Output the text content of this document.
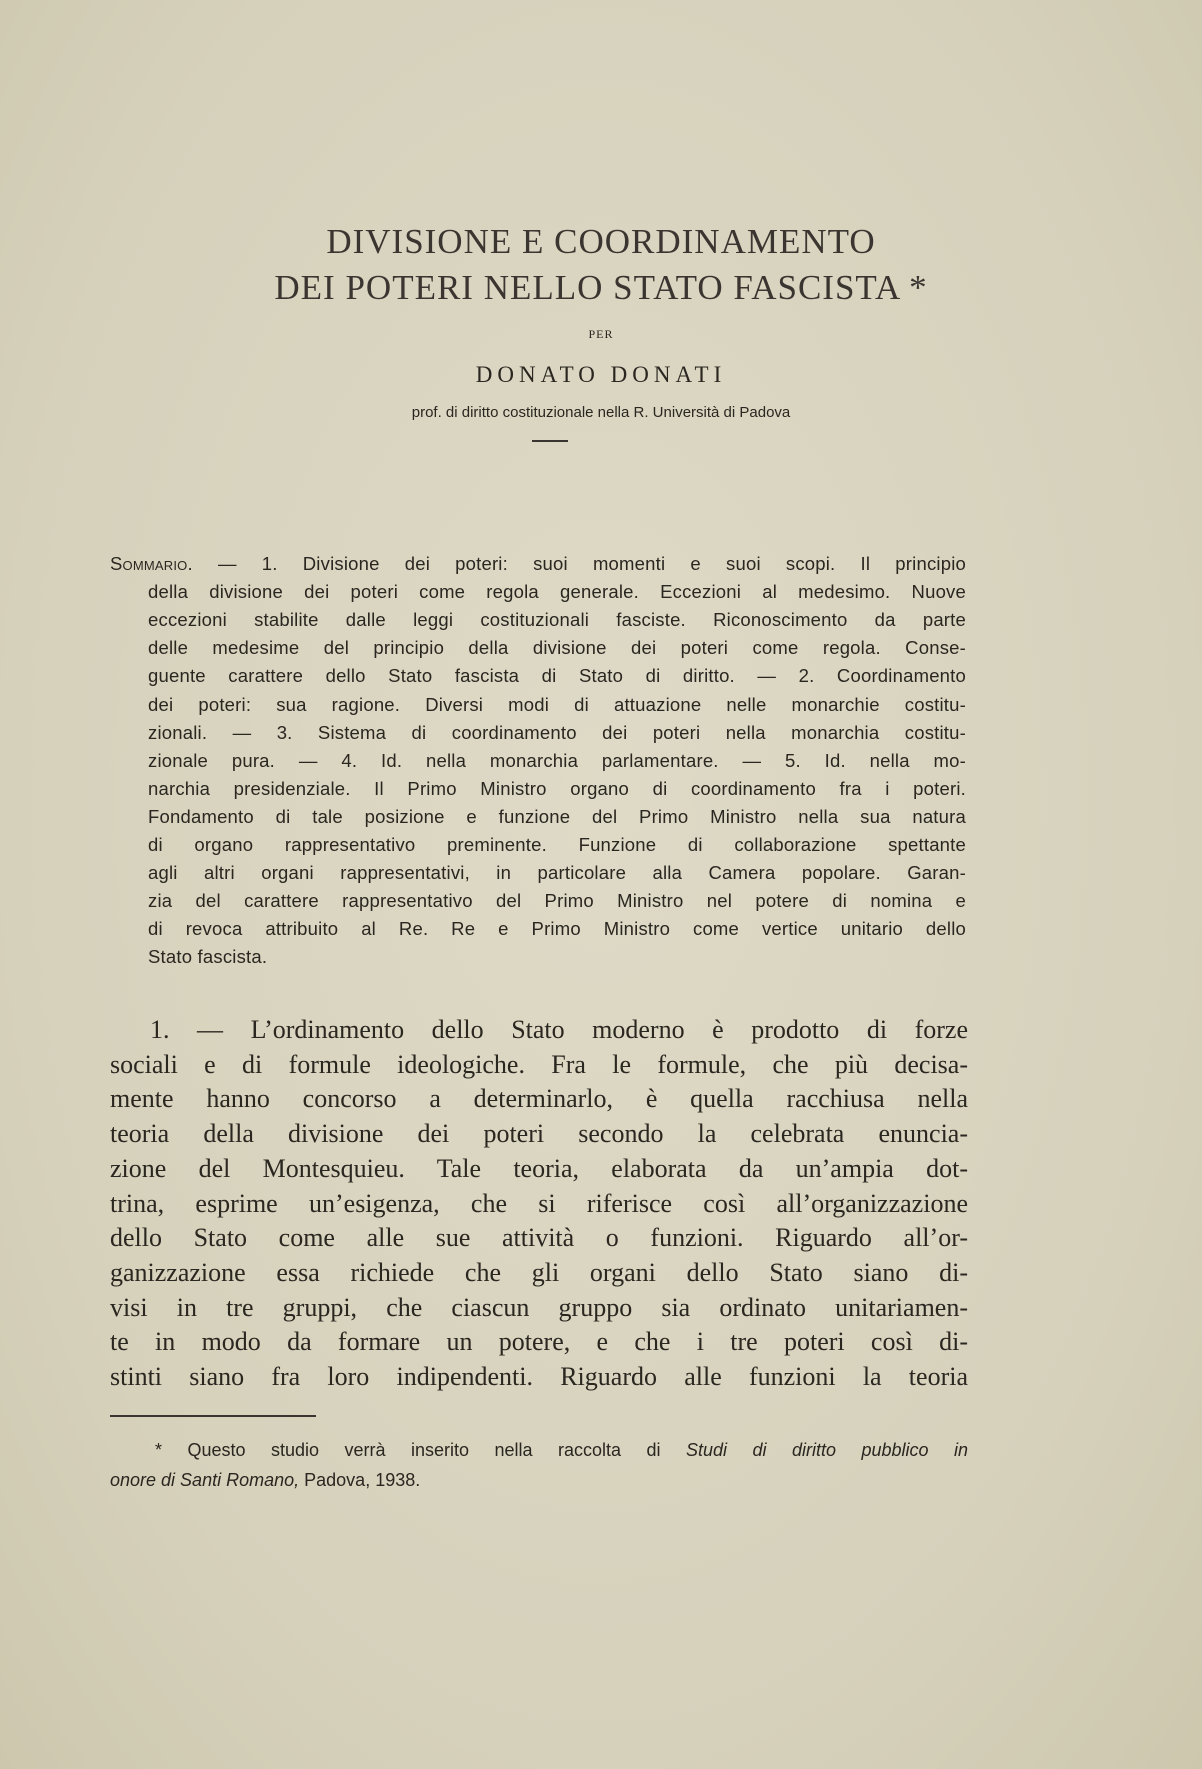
DIVISIONE E COORDINAMENTO
DEI POTERI NELLO STATO FASCISTA *
PER
DONATO DONATI
prof. di diritto costituzionale nella R. Università di Padova
Sommario. — 1. Divisione dei poteri: suoi momenti e suoi scopi. Il principio
della divisione dei poteri come regola generale. Eccezioni al medesimo. Nuove
eccezioni stabilite dalle leggi costituzionali fasciste. Riconoscimento da parte
delle medesime del principio della divisione dei poteri come regola. Conse-
guente carattere dello Stato fascista di Stato di diritto. — 2. Coordinamento
dei poteri: sua ragione. Diversi modi di attuazione nelle monarchie costitu-
zionali. — 3. Sistema di coordinamento dei poteri nella monarchia costitu-
zionale pura. — 4. Id. nella monarchia parlamentare. — 5. Id. nella mo-
narchia presidenziale. Il Primo Ministro organo di coordinamento fra i poteri.
Fondamento di tale posizione e funzione del Primo Ministro nella sua natura
di organo rappresentativo preminente. Funzione di collaborazione spettante
agli altri organi rappresentativi, in particolare alla Camera popolare. Garan-
zia del carattere rappresentativo del Primo Ministro nel potere di nomina e
di revoca attribuito al Re. Re e Primo Ministro come vertice unitario dello
Stato fascista.
1. — L’ordinamento dello Stato moderno è prodotto di forze
sociali e di formule ideologiche. Fra le formule, che più decisa-
mente hanno concorso a determinarlo, è quella racchiusa nella
teoria della divisione dei poteri secondo la celebrata enuncia-
zione del Montesquieu. Tale teoria, elaborata da un’ampia dot-
trina, esprime un’esigenza, che si riferisce così all’organizzazione
dello Stato come alle sue attività o funzioni. Riguardo all’or-
ganizzazione essa richiede che gli organi dello Stato siano di-
visi in tre gruppi, che ciascun gruppo sia ordinato unitariamen-
te in modo da formare un potere, e che i tre poteri così di-
stinti siano fra loro indipendenti. Riguardo alle funzioni la teoria
* Questo studio verrà inserito nella raccolta di Studi di diritto pubblico in
onore di Santi Romano, Padova, 1938.
